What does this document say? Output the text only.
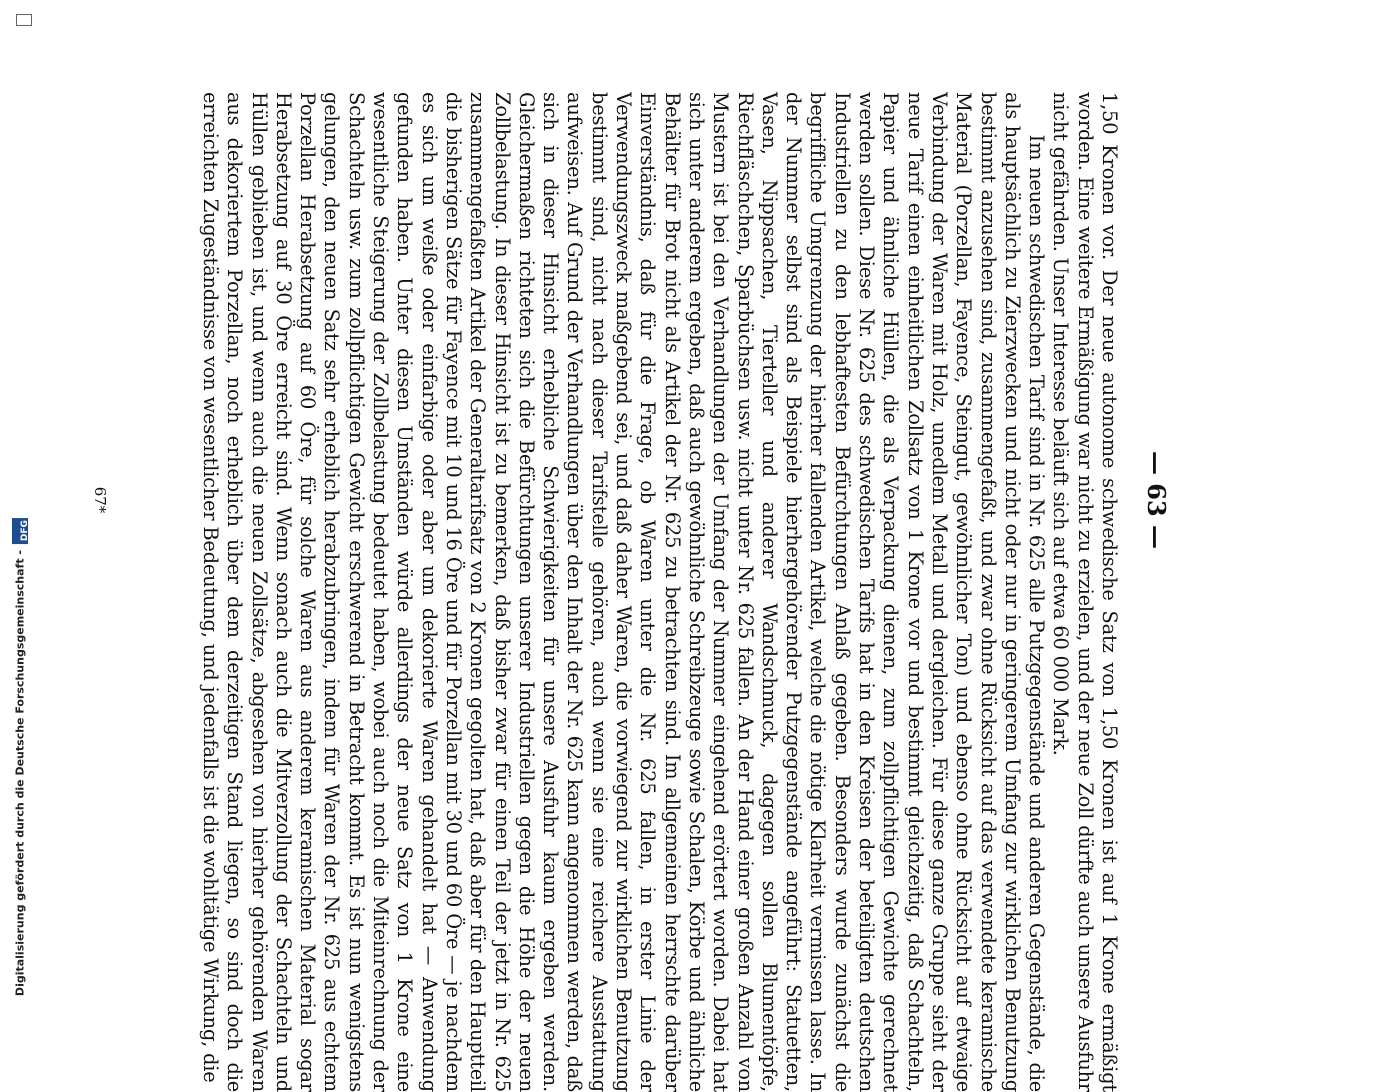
— 63 —

1,50 Kronen vor. Der neue autonome schwedische Satz von 1,50 Kronen ist auf 1 Krone ermäßigt worden. Eine weitere Ermäßigung war nicht zu erzielen, und der neue Zoll dürfte auch unsere Ausfuhr nicht gefährden. Unser Interesse beläuft sich auf etwa 60 000 Mark.

Im neuen schwedischen Tarif sind in Nr. 625 alle Putzgegenstände und anderen Gegenstände, die als hauptsächlich zu Zierzwecken und nicht oder nur in geringerem Umfang zur wirklichen Benutzung bestimmt anzusehen sind, zusammengefaßt, und zwar ohne Rücksicht auf das verwendete keramische Material (Porzellan, Fayence, Steingut, gewöhnlicher Ton) und ebenso ohne Rücksicht auf etwaige Verbindung der Waren mit Holz, unedlem Metall und dergleichen. Für diese ganze Gruppe sieht der neue Tarif einen einheitlichen Zollsatz von 1 Krone vor und bestimmt gleichzeitig, daß Schachteln, Papier und ähnliche Hüllen, die als Verpackung dienen, zum zollpflichtigen Gewichte gerechnet werden sollen. Diese Nr. 625 des schwedischen Tarifs hat in den Kreisen der beteiligten deutschen Industriellen zu den lebhaftesten Befürchtungen Anlaß gegeben. Besonders wurde zunächst die begriffliche Umgrenzung der hierher fallenden Artikel, welche die nötige Klarheit vermissen lasse. In der Nummer selbst sind als Beispiele hierhergehörender Putzgegenstände angeführt: Statuetten, Vasen, Nippsachen, Tierteller und anderer Wandschmuck, dagegen sollen Blumentöpfe, Riechfläschchen, Sparbüchsen usw. nicht unter Nr. 625 fallen. An der Hand einer großen Anzahl von Mustern ist bei den Verhandlungen der Umfang der Nummer eingehend erörtert worden. Dabei hat sich unter anderem ergeben, daß auch gewöhnliche Schreibzeuge sowie Schalen, Körbe und ähnliche Behälter für Brot nicht als Artikel der Nr. 625 zu betrachten sind. Im allgemeinen herrschte darüber Einverständnis, daß für die Frage, ob Waren unter die Nr. 625 fallen, in erster Linie der Verwendungszweck maßgebend sei, und daß daher Waren, die vorwiegend zur wirklichen Benutzung bestimmt sind, nicht nach dieser Tarifstelle gehören, auch wenn sie eine reichere Ausstattung aufweisen. Auf Grund der Verhandlungen über den Inhalt der Nr. 625 kann angenommen werden, daß sich in dieser Hinsicht erhebliche Schwierigkeiten für unsere Ausfuhr kaum ergeben werden. Gleichermaßen richteten sich die Befürchtungen unserer Industriellen gegen die Höhe der neuen Zollbelastung. In dieser Hinsicht ist zu bemerken, daß bisher zwar für einen Teil der jetzt in Nr. 625 zusammengefaßten Artikel der Generaltarifsatz von 2 Kronen gegolten hat, daß aber für den Hauptteil die bisherigen Sätze für Fayence mit 10 und 16 Öre und für Porzellan mit 30 und 60 Öre — je nachdem es sich um weiße oder einfarbige oder aber um dekorierte Waren gehandelt hat — Anwendung gefunden haben. Unter diesen Umständen würde allerdings der neue Satz von 1 Krone eine wesentliche Steigerung der Zollbelastung bedeutet haben, wobei auch noch die Miteinrechnung der Schachteln usw. zum zollpflichtigen Gewicht erschwerend in Betracht kommt. Es ist nun wenigstens gelungen, den neuen Satz sehr erheblich herabzubringen, indem für Waren der Nr. 625 aus echtem Porzellan Herabsetzung auf 60 Öre, für solche Waren aus anderem keramischen Material sogar Herabsetzung auf 30 Öre erreicht sind. Wenn sonach auch die Mitverzollung der Schachteln und Hüllen geblieben ist, und wenn auch die neuen Zollsätze, abgesehen von hierher gehörenden Waren aus dekoriertem Porzellan, noch erheblich über dem derzeitigen Stand liegen, so sind doch die erreichten Zugeständnisse von wesentlicher Bedeutung, und jedenfalls ist die wohltätige Wirkung, die

67*
Digitalisierung gefördert durch die Deutsche Forschungsgemeinschaft -
DFG
